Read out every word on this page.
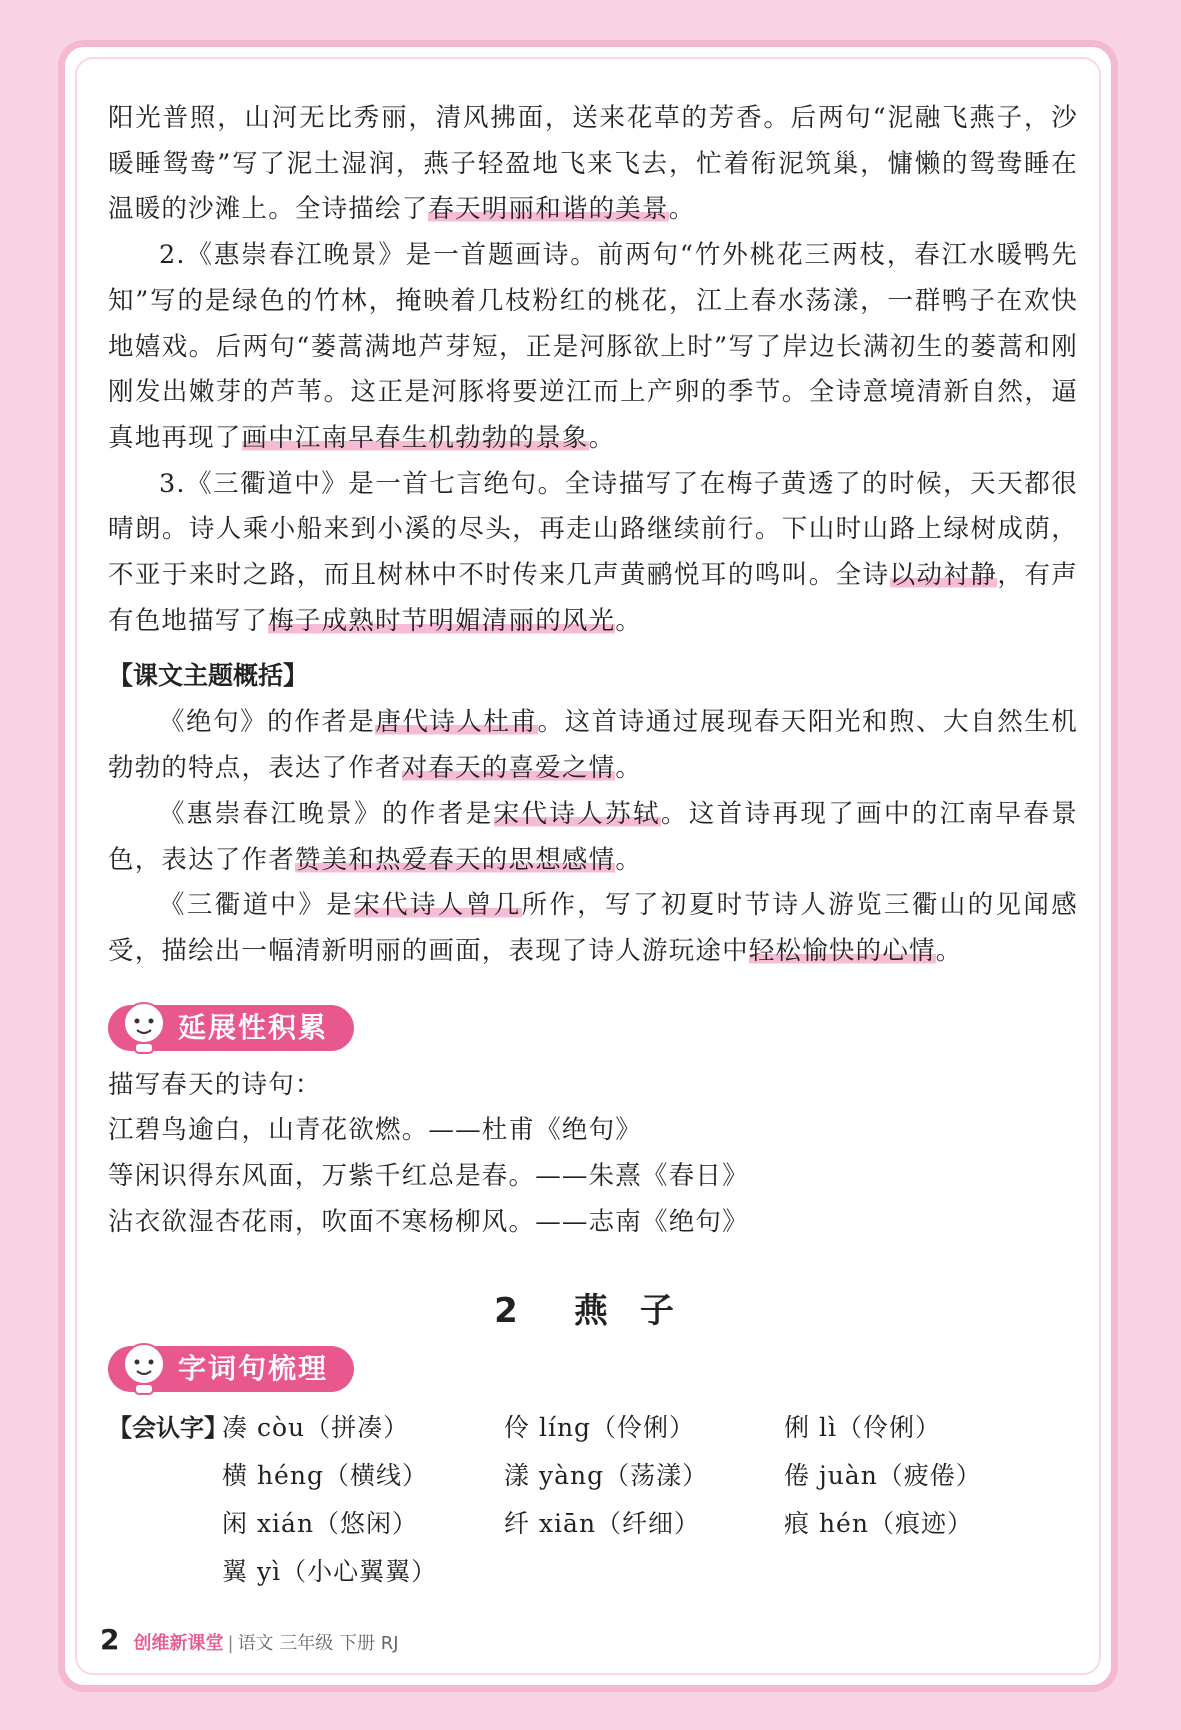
阳光普照，山河无比秀丽，清风拂面，送来花草的芳香。后两句“泥融飞燕子，沙暖睡鸳鸯”写了泥土湿润，燕子轻盈地飞来飞去，忙着衔泥筑巢，慵懒的鸳鸯睡在温暖的沙滩上。全诗描绘了春天明丽和谐的美景。

2.《惠崇春江晚景》是一首题画诗。前两句“竹外桃花三两枝，春江水暖鸭先知”写的是绿色的竹林，掩映着几枝粉红的桃花，江上春水荡漾，一群鸭子在欢快地嬉戏。后两句“蒌蒿满地芦芽短，正是河豚欲上时”写了岸边长满初生的蒌蒿和刚刚发出嫩芽的芦苇。这正是河豚将要逆江而上产卵的季节。全诗意境清新自然，逼真地再现了画中江南早春生机勃勃的景象。

3.《三衢道中》是一首七言绝句。全诗描写了在梅子黄透了的时候，天天都很晴朗。诗人乘小船来到小溪的尽头，再走山路继续前行。下山时山路上绿树成荫，不亚于来时之路，而且树林中不时传来几声黄鹂悦耳的鸣叫。全诗以动衬静，有声有色地描写了梅子成熟时节明媚清丽的风光。

【课文主题概括】

《绝句》的作者是唐代诗人杜甫。这首诗通过展现春天阳光和煦、大自然生机勃勃的特点，表达了作者对春天的喜爱之情。

《惠崇春江晚景》的作者是宋代诗人苏轼。这首诗再现了画中的江南早春景色，表达了作者赞美和热爱春天的思想感情。

《三衢道中》是宋代诗人曾几所作，写了初夏时节诗人游览三衢山的见闻感受，描绘出一幅清新明丽的画面，表现了诗人游玩途中轻松愉快的心情。

延展性积累

描写春天的诗句：

江碧鸟逾白，山青花欲燃。——杜甫《绝句》

等闲识得东风面，万紫千红总是春。——朱熹《春日》

沾衣欲湿杏花雨，吹面不寒杨柳风。——志南《绝句》

2 燕 子
字词句梳理
【会认字】
凑 còu（拼凑）	伶 líng（伶俐）	俐 lì（伶俐）
横 héng（横线）	漾 yàng（荡漾）	倦 juàn（疲倦）
闲 xián（悠闲）	纤 xiān（纤细）	痕 hén（痕迹）
翼 yì（小心翼翼）
2 创维新课堂 | 语文 三年级 下册 RJ
